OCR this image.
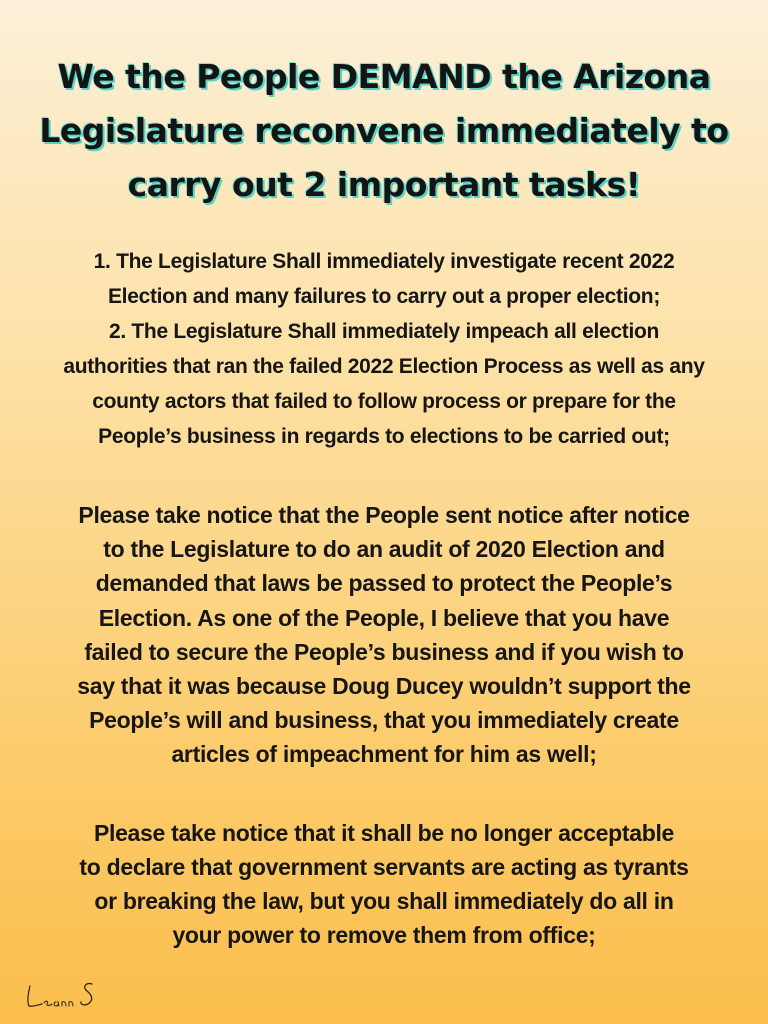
We the People DEMAND the Arizona
Legislature reconvene immediately to
carry out 2 important tasks!

1. The Legislature Shall immediately investigate recent 2022
Election and many failures to carry out a proper election;
2. The Legislature Shall immediately impeach all election
authorities that ran the failed 2022 Election Process as well as any
county actors that failed to follow process or prepare for the
People’s business in regards to elections to be carried out;

Please take notice that the People sent notice after notice
to the Legislature to do an audit of 2020 Election and
demanded that laws be passed to protect the People’s
Election. As one of the People, I believe that you have
failed to secure the People’s business and if you wish to
say that it was because Doug Ducey wouldn’t support the
People’s will and business, that you immediately create
articles of impeachment for him as well;

Please take notice that it shall be no longer acceptable
to declare that government servants are acting as tyrants
or breaking the law, but you shall immediately do all in
your power to remove them from office;
